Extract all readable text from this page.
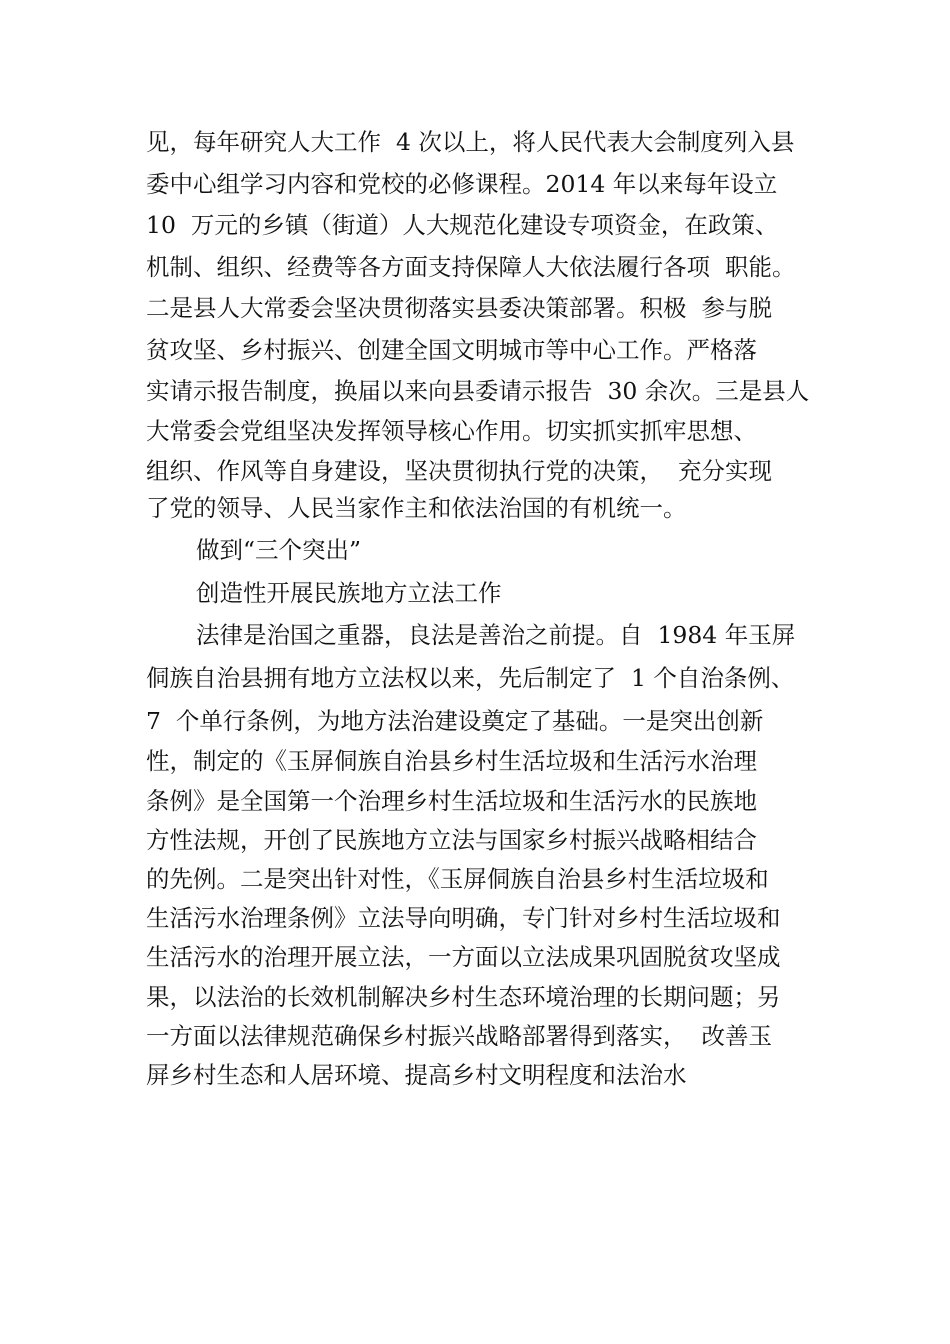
见，每年研究人大工作  4 次以上，将人民代表大会制度列入县
委中心组学习内容和党校的必修课程。2014 年以来每年设立
10  万元的乡镇（街道）人大规范化建设专项资金，在政策、
机制、组织、经费等各方面支持保障人大依法履行各项  职能。
二是县人大常委会坚决贯彻落实县委决策部署。积极  参与脱
贫攻坚、乡村振兴、创建全国文明城市等中心工作。严格落
实请示报告制度，换届以来向县委请示报告  30 余次。三是县人
大常委会党组坚决发挥领导核心作用。切实抓实抓牢思想、
组织、作风等自身建设，坚决贯彻执行党的决策，  充分实现
了党的领导、人民当家作主和依法治国的有机统一。
做到“三个突出”
创造性开展民族地方立法工作
法律是治国之重器，良法是善治之前提。自  1984 年玉屏
侗族自治县拥有地方立法权以来，先后制定了  1 个自治条例、
7  个单行条例，为地方法治建设奠定了基础。一是突出创新
性，制定的《玉屏侗族自治县乡村生活垃圾和生活污水治理
条例》是全国第一个治理乡村生活垃圾和生活污水的民族地
方性法规，开创了民族地方立法与国家乡村振兴战略相结合
的先例。二是突出针对性，《玉屏侗族自治县乡村生活垃圾和
生活污水治理条例》立法导向明确，专门针对乡村生活垃圾和
生活污水的治理开展立法，一方面以立法成果巩固脱贫攻坚成
果，以法治的长效机制解决乡村生态环境治理的长期问题；另
一方面以法律规范确保乡村振兴战略部署得到落实，  改善玉
屏乡村生态和人居环境、提高乡村文明程度和法治水
